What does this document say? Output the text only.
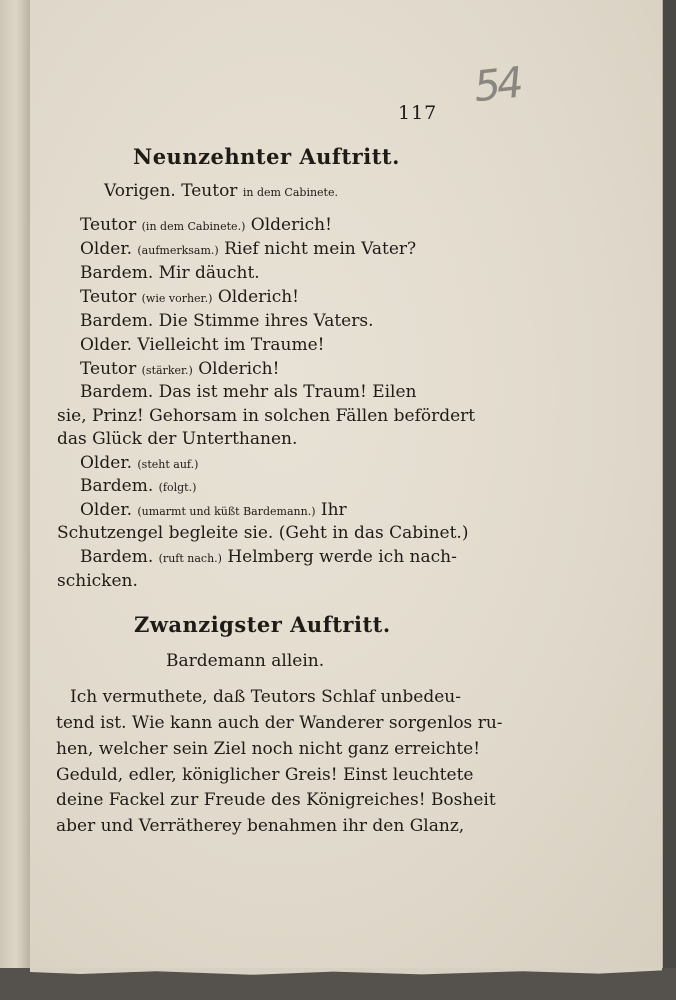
54
117
Neunzehnter Auftritt.
Vorigen. Teutor in dem Cabinete.
Teutor (in dem Cabinete.) Olderich!
Older. (aufmerksam.) Rief nicht mein Vater?
Bardem. Mir däucht.
Teutor (wie vorher.) Olderich!
Bardem. Die Stimme ihres Vaters.
Older. Vielleicht im Traume!
Teutor (stärker.) Olderich!
Bardem. Das ist mehr als Traum! Eilen
sie, Prinz! Gehorsam in solchen Fällen befördert
das Glück der Unterthanen.
Older. (steht auf.)
Bardem. (folgt.)
Older. (umarmt und küßt Bardemann.) Ihr
Schutzengel begleite sie. (Geht in das Cabinet.)
Bardem. (ruft nach.) Helmberg werde ich nach-
schicken.
Zwanzigster Auftritt.
Bardemann allein.
Ich vermuthete, daß Teutors Schlaf unbedeu-
tend ist. Wie kann auch der Wanderer sorgenlos ru-
hen, welcher sein Ziel noch nicht ganz erreichte!
Geduld, edler, königlicher Greis! Einst leuchtete
deine Fackel zur Freude des Königreiches! Bosheit
aber und Verrätherey benahmen ihr den Glanz,
